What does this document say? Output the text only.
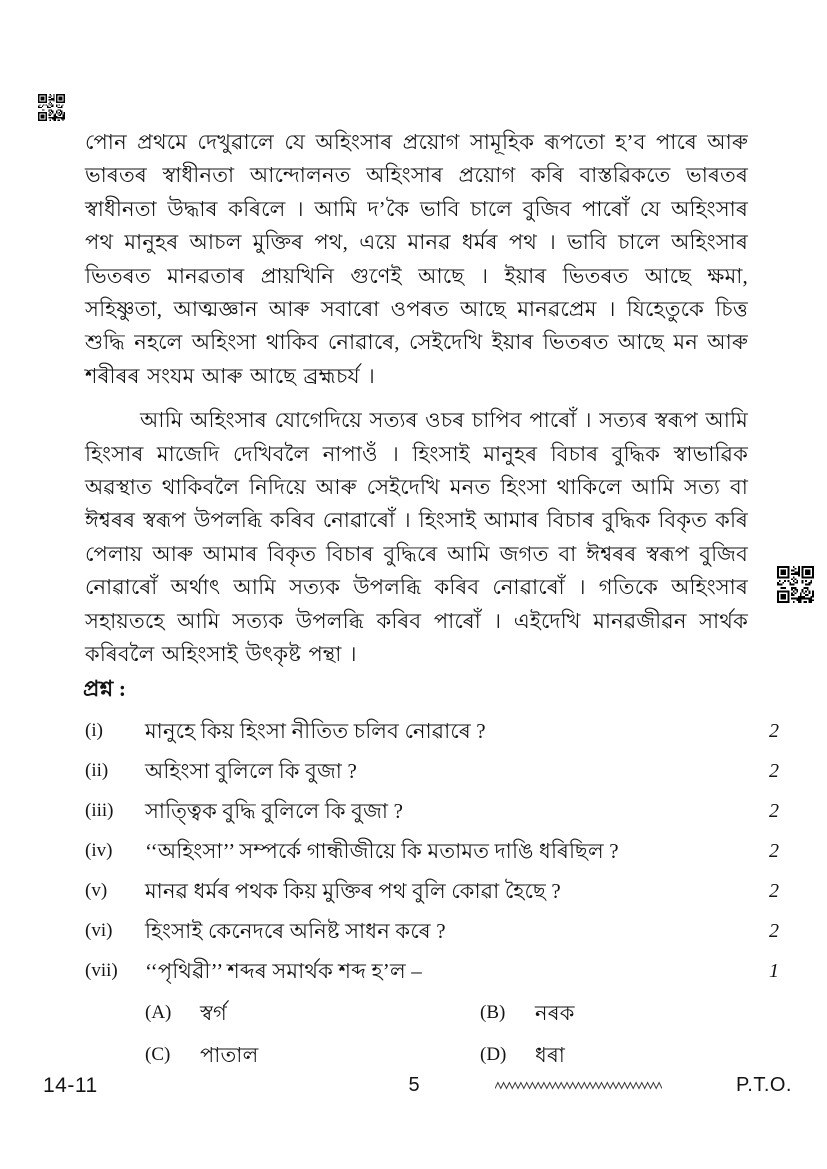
পোন প্ৰথমে দেখুৱালে যে অহিংসাৰ প্ৰয়োগ সামূহিক ৰূপতো হ’ব পাৰে আৰু ভাৰতৰ স্বাধীনতা আন্দোলনত অহিংসাৰ প্ৰয়োগ কৰি বাস্তৱিকতে ভাৰতৰ স্বাধীনতা উদ্ধাৰ কৰিলে । আমি দ’কৈ ভাবি চালে বুজিব পাৰোঁ যে অহিংসাৰ পথ মানুহৰ আচল মুক্তিৰ পথ, এয়ে মানৱ ধৰ্মৰ পথ । ভাবি চালে অহিংসাৰ ভিতৰত মানৱতাৰ প্ৰায়খিনি গুণেই আছে । ইয়াৰ ভিতৰত আছে ক্ষমা, সহিষ্ণুতা, আত্মজ্ঞান আৰু সবাৰো ওপৰত আছে মানৱপ্ৰেম । যিহেতুকে চিত্ত শুদ্ধি নহলে অহিংসা থাকিব নোৱাৰে, সেইদেখি ইয়াৰ ভিতৰত আছে মন আৰু শৰীৰৰ সংযম আৰু আছে ব্ৰহ্মচৰ্য ।

আমি অহিংসাৰ যোগেদিয়ে সত্যৰ ওচৰ চাপিব পাৰোঁ । সত্যৰ স্বৰূপ আমি হিংসাৰ মাজেদি দেখিবলৈ নাপাওঁ । হিংসাই মানুহৰ বিচাৰ বুদ্ধিক স্বাভাৱিক অৱস্থাত থাকিবলৈ নিদিয়ে আৰু সেইদেখি মনত হিংসা থাকিলে আমি সত্য বা ঈশ্বৰৰ স্বৰূপ উপলব্ধি কৰিব নোৱাৰোঁ । হিংসাই আমাৰ বিচাৰ বুদ্ধিক বিকৃত কৰি পেলায় আৰু আমাৰ বিকৃত বিচাৰ বুদ্ধিৰে আমি জগত বা ঈশ্বৰৰ স্বৰূপ বুজিব নোৱাৰোঁ অৰ্থাৎ আমি সত্যক উপলব্ধি কৰিব নোৱাৰোঁ । গতিকে অহিংসাৰ সহায়তহে আমি সত্যক উপলব্ধি কৰিব পাৰোঁ । এইদেখি মানৱজীৱন সাৰ্থক কৰিবলৈ অহিংসাই উৎকৃষ্ট পন্থা ।

প্ৰশ্ন :
(i)	মানুহে কিয় হিংসা নীতিত চলিব নোৱাৰে ?	2
(ii)	অহিংসা বুলিলে কি বুজা ?	2
(iii)	সাত্ত্বিক বুদ্ধি বুলিলে কি বুজা ?	2
(iv)	‘‘অহিংসা’’ সম্পৰ্কে গান্ধীজীয়ে কি মতামত দাঙি ধৰিছিল ?	2
(v)	মানৱ ধৰ্মৰ পথক কিয় মুক্তিৰ পথ বুলি কোৱা হৈছে ?	2
(vi)	হিংসাই কেনেদৰে অনিষ্ট সাধন কৰে ?	2
(vii)	‘‘পৃথিৱী’’ শব্দৰ সমাৰ্থক শব্দ হ’ল –	1
(A)	স্বৰ্গ	(B)	নৰক
(C)	পাতাল	(D)	ধৰা
14-11	5	P.T.O.
